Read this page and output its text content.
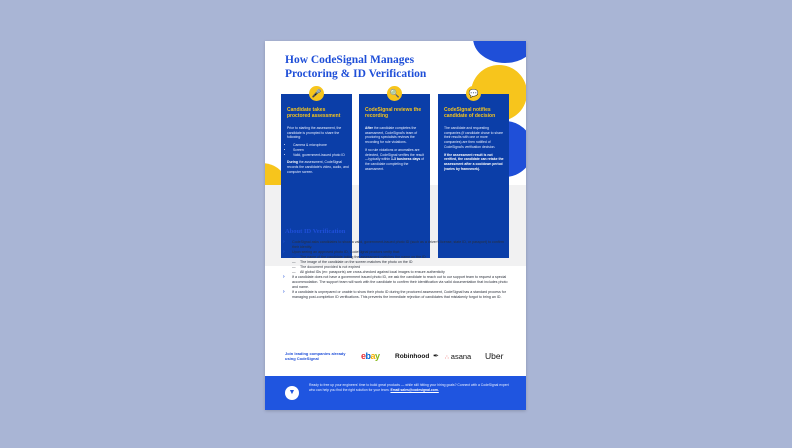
How CodeSignal Manages Proctoring & ID Verification
🎤
Candidate takes proctored assessment

Prior to starting the assessment, the candidate is prompted to share the following:

• Camera & microphone
• Screen
• Valid, government-issued photo ID

During the assessment, CodeSignal records the candidate's video, audio, and computer screen.

🔍
CodeSignal reviews the recording

After the candidate completes the assessment, CodeSignal's team of proctoring specialists reviews the recording for rule violations.

If no rule violations or anomalies are detected, CodeSignal verifies the result—typically within 1-3 business days of the candidate completing the assessment.

💬
CodeSignal notifies candidate of decision

The candidate and requesting companies (if candidate chose to share their results with one or more companies) are then notified of CodeSignal's verification decision.

If the assessment result is not verified, the candidate can retake the assessment after a cooldown period (varies by framework).

About ID Verification
› CodeSignal asks candidates to show a valid, government-issued photo ID (such as a driver's license, state ID, or passport) to confirm their identity.
› Upon seeing an approved photo ID, CodeSignal proctors verify that:
— The name of the candidate taking the assessment matches the name on the ID
— The image of the candidate on the screen matches the photo on the ID
— The document provided is not expired
— All global IDs (ex: passports) are cross-checked against local images to ensure authenticity
› If a candidate does not have a government issued photo ID, we ask the candidate to reach out to our support team to request a special accommodation. The support team will work with the candidate to confirm their identification via valid documentation that includes photo and name.
› If a candidate is unprepared or unable to show their photo ID during the proctored assessment, CodeSignal has a standard process for managing post-completion ID verifications. This prevents the immediate rejection of candidates that mistakenly forgot to bring an ID.
Join leading companies already using CodeSignal	ebay Robinhood ✒ ∴ asana Uber
▼
Ready to free up your engineers' time to build great products — while still hitting your hiring goals? Connect with a CodeSignal expert who can help you find the right solution for your team. Email sales@codesignal.com.
